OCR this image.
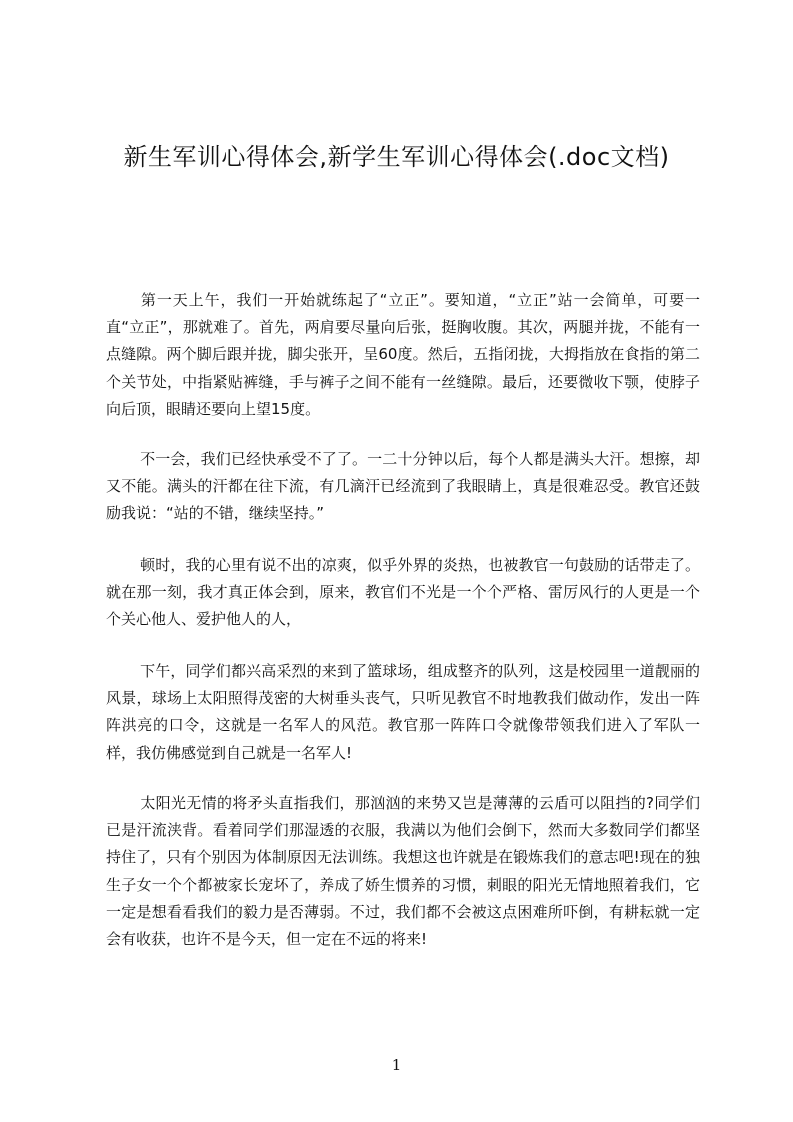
新生军训心得体会,新学生军训心得体会(.doc文档)

第一天上午，我们一开始就练起了“立正”。要知道，“立正”站一会简单，可要一直“立正”，那就难了。首先，两肩要尽量向后张，挺胸收腹。其次，两腿并拢，不能有一点缝隙。两个脚后跟并拢，脚尖张开，呈60度。然后，五指闭拢，大拇指放在食指的第二个关节处，中指紧贴裤缝，手与裤子之间不能有一丝缝隙。最后，还要微收下颚，使脖子向后顶，眼睛还要向上望15度。

不一会，我们已经快承受不了了。一二十分钟以后，每个人都是满头大汗。想擦，却又不能。满头的汗都在往下流，有几滴汗已经流到了我眼睛上，真是很难忍受。教官还鼓励我说：“站的不错，继续坚持。”

顿时，我的心里有说不出的凉爽，似乎外界的炎热，也被教官一句鼓励的话带走了。就在那一刻，我才真正体会到，原来，教官们不光是一个个严格、雷厉风行的人更是一个个关心他人、爱护他人的人，

下午，同学们都兴高采烈的来到了篮球场，组成整齐的队列，这是校园里一道靓丽的风景，球场上太阳照得茂密的大树垂头丧气，只听见教官不时地教我们做动作，发出一阵阵洪亮的口令，这就是一名军人的风范。教官那一阵阵口令就像带领我们进入了军队一样，我仿佛感觉到自己就是一名军人!

太阳光无情的将矛头直指我们，那汹汹的来势又岂是薄薄的云盾可以阻挡的?同学们已是汗流浃背。看着同学们那湿透的衣服，我满以为他们会倒下，然而大多数同学们都坚持住了，只有个别因为体制原因无法训练。我想这也许就是在锻炼我们的意志吧!现在的独生子女一个个都被家长宠坏了，养成了娇生惯养的习惯，刺眼的阳光无情地照着我们，它一定是想看看我们的毅力是否薄弱。不过，我们都不会被这点困难所吓倒，有耕耘就一定会有收获，也许不是今天，但一定在不远的将来!

1
